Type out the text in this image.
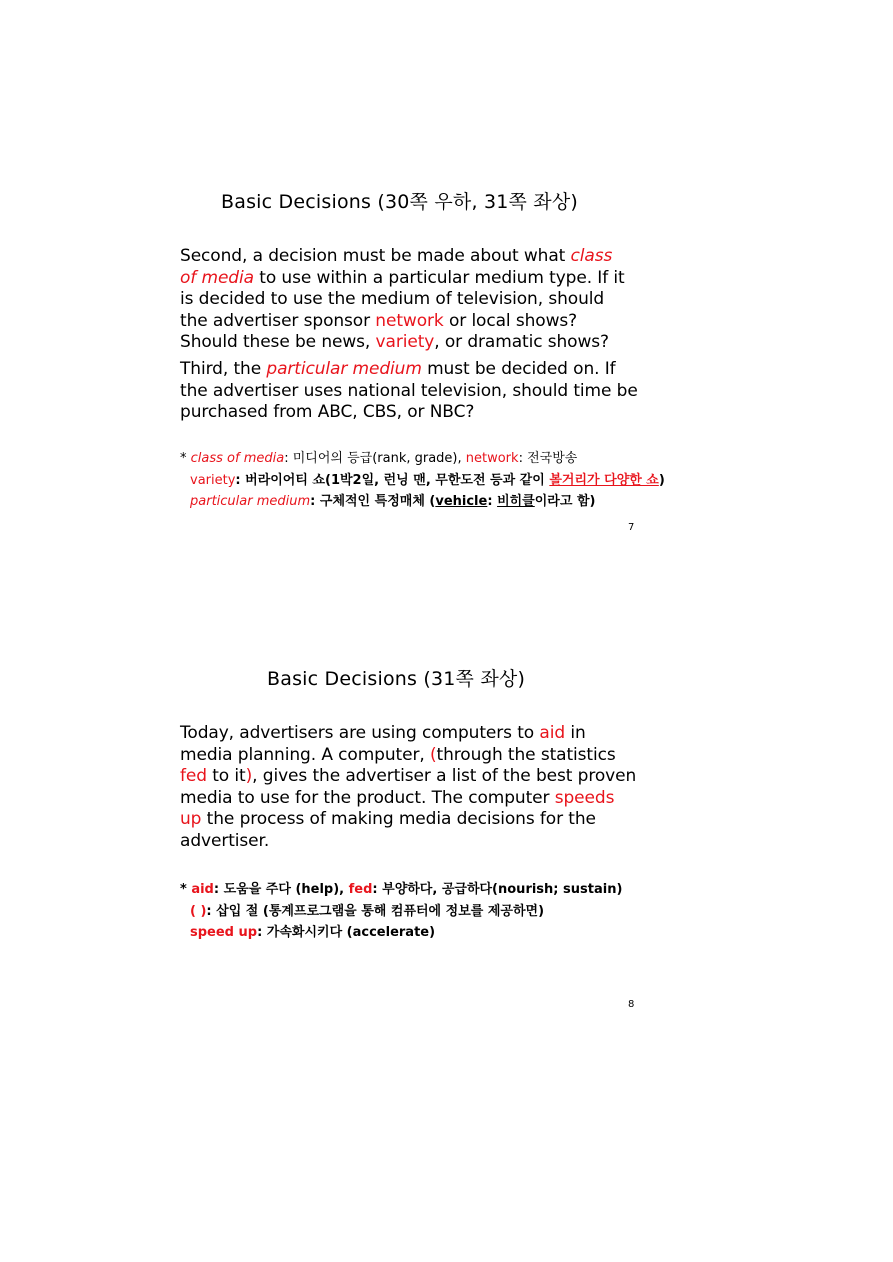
Basic Decisions (30쪽 우하, 31쪽 좌상)
Second, a decision must be made about what class
of media to use within a particular medium type. If it
is decided to use the medium of television, should
the advertiser sponsor network or local shows?
Should these be news, variety, or dramatic shows?
Third, the particular medium must be decided on. If
the advertiser uses national television, should time be
purchased from ABC, CBS, or NBC?
* class of media: 미디어의 등급(rank, grade), network: 전국방송
variety: 버라이어티 쇼(1박2일, 런닝 맨, 무한도전 등과 같이 볼거리가 다양한 쇼)
particular medium: 구체적인 특정매체 (vehicle: 비히클이라고 함)
7
Basic Decisions (31쪽 좌상)
Today, advertisers are using computers to aid in
media planning. A computer, (through the statistics
fed to it), gives the advertiser a list of the best proven
media to use for the product. The computer speeds
up the process of making media decisions for the
advertiser.
* aid: 도움을 주다 (help), fed: 부양하다, 공급하다(nourish; sustain)
( ): 삽입 절 (통계프로그램을 통해 컴퓨터에 정보를 제공하면)
speed up: 가속화시키다 (accelerate)
8
